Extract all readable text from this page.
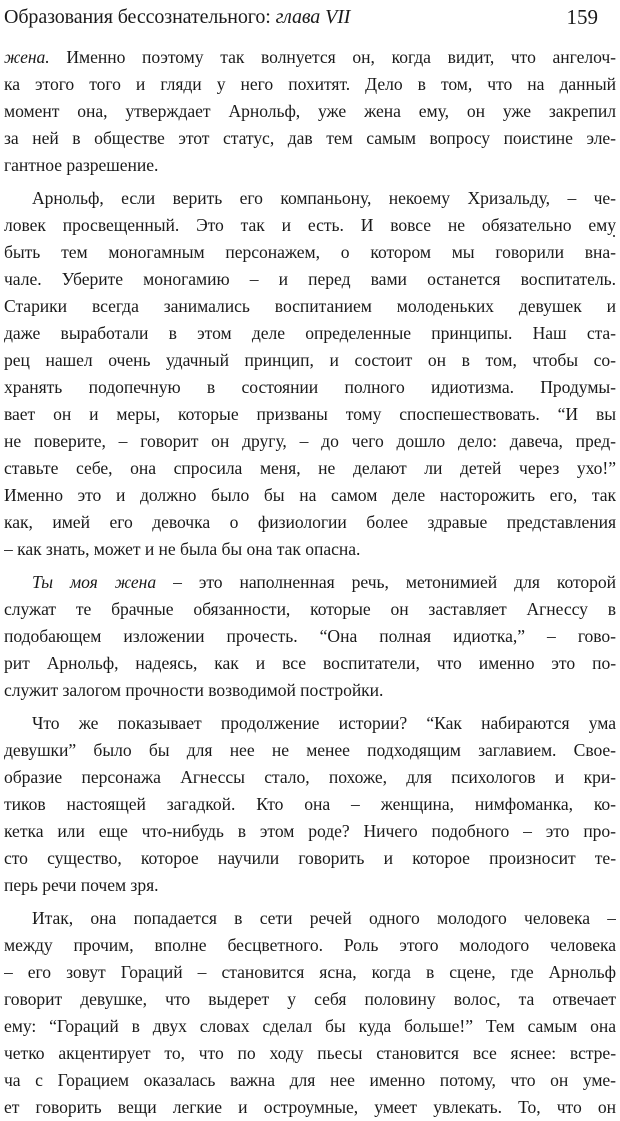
Образования бессознательного: глава VII	159
жена. Именно поэтому так волнуется он, когда видит, что ангелоч-
ка этого того и гляди у него похитят. Дело в том, что на данный
момент она, утверждает Арнольф, уже жена ему, он уже закрепил
за ней в обществе этот статус, дав тем самым вопросу поистине эле-
гантное разрешение.
Арнольф, если верить его компаньону, некоему Хризальду, – че-
ловек просвещенный. Это так и есть. И вовсе не обязательно ему
быть тем моногамным персонажем, о котором мы говорили вна-
чале. Уберите моногамию – и перед вами останется воспитатель.
Старики всегда занимались воспитанием молоденьких девушек и
даже выработали в этом деле определенные принципы. Наш ста-
рец нашел очень удачный принцип, и состоит он в том, чтобы со-
хранять подопечную в состоянии полного идиотизма. Продумы-
вает он и меры, которые призваны тому споспешествовать. “И вы
не поверите, – говорит он другу, – до чего дошло дело: давеча, пред-
ставьте себе, она спросила меня, не делают ли детей через ухо!”
Именно это и должно было бы на самом деле насторожить его, так
как, имей его девочка о физиологии более здравые представления
– как знать, может и не была бы она так опасна.
Ты моя жена – это наполненная речь, метонимией для которой
служат те брачные обязанности, которые он заставляет Агнессу в
подобающем изложении прочесть. “Она полная идиотка,” – гово-
рит Арнольф, надеясь, как и все воспитатели, что именно это по-
служит залогом прочности возводимой постройки.
Что же показывает продолжение истории? “Как набираются ума
девушки” было бы для нее не менее подходящим заглавием. Свое-
образие персонажа Агнессы стало, похоже, для психологов и кри-
тиков настоящей загадкой. Кто она – женщина, нимфоманка, ко-
кетка или еще что-нибудь в этом роде? Ничего подобного – это про-
сто существо, которое научили говорить и которое произносит те-
перь речи почем зря.
Итак, она попадается в сети речей одного молодого человека –
между прочим, вполне бесцветного. Роль этого молодого человека
– его зовут Гораций – становится ясна, когда в сцене, где Арнольф
говорит девушке, что выдерет у себя половину волос, та отвечает
ему: “Гораций в двух словах сделал бы куда больше!” Тем самым она
четко акцентирует то, что по ходу пьесы становится все яснее: встре-
ча с Горацием оказалась важна для нее именно потому, что он уме-
ет говорить вещи легкие и остроумные, умеет увлекать. То, что он
